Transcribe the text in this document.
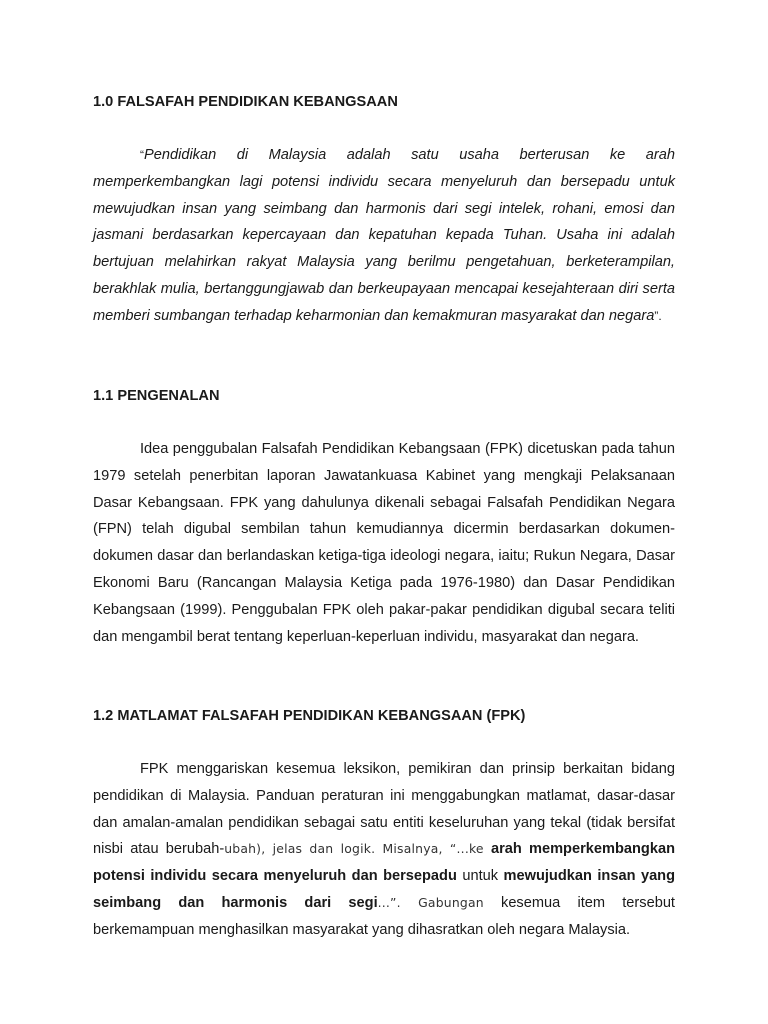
1.0 FALSAFAH PENDIDIKAN KEBANGSAAN

“Pendidikan di Malaysia adalah satu usaha berterusan ke arah memperkembangkan lagi potensi individu secara menyeluruh dan bersepadu untuk mewujudkan insan yang seimbang dan harmonis dari segi intelek, rohani, emosi dan jasmani berdasarkan kepercayaan dan kepatuhan kepada Tuhan. Usaha ini adalah bertujuan melahirkan rakyat Malaysia yang berilmu pengetahuan, berketerampilan, berakhlak mulia, bertanggungjawab dan berkeupayaan mencapai kesejahteraan diri serta memberi sumbangan terhadap keharmonian dan kemakmuran masyarakat dan negara”.

1.1 PENGENALAN

Idea penggubalan Falsafah Pendidikan Kebangsaan (FPK) dicetuskan pada tahun 1979 setelah penerbitan laporan Jawatankuasa Kabinet yang mengkaji Pelaksanaan Dasar Kebangsaan. FPK yang dahulunya dikenali sebagai Falsafah Pendidikan Negara (FPN) telah digubal sembilan tahun kemudiannya dicermin berdasarkan dokumen-dokumen dasar dan berlandaskan ketiga-tiga ideologi negara, iaitu; Rukun Negara, Dasar Ekonomi Baru (Rancangan Malaysia Ketiga pada 1976-1980) dan Dasar Pendidikan Kebangsaan (1999). Penggubalan FPK oleh pakar-pakar pendidikan digubal secara teliti dan mengambil berat tentang keperluan-keperluan individu, masyarakat dan negara.

1.2 MATLAMAT FALSAFAH PENDIDIKAN KEBANGSAAN (FPK)

FPK menggariskan kesemua leksikon, pemikiran dan prinsip berkaitan bidang pendidikan di Malaysia. Panduan peraturan ini menggabungkan matlamat, dasar-dasar dan amalan-amalan pendidikan sebagai satu entiti keseluruhan yang tekal (tidak bersifat nisbi atau berubah-ubah), jelas dan logik. Misalnya, “...ke arah memperkembangkan potensi individu secara menyeluruh dan bersepadu untuk mewujudkan insan yang seimbang dan harmonis dari segi...”. Gabungan kesemua item tersebut berkemampuan menghasilkan masyarakat yang dihasratkan oleh negara Malaysia.
